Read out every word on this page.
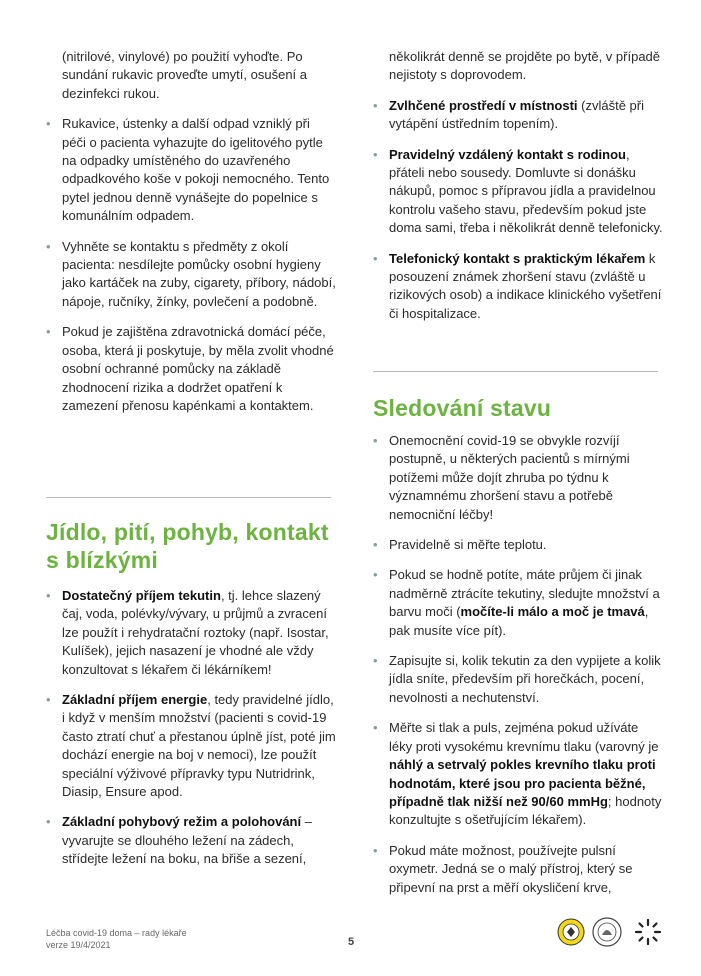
(nitrilové, vinylové) po použití vyhoďte. Po sundání rukavic proveďte umytí, osušení a dezinfekci rukou.
• Rukavice, ústenky a další odpad vzniklý při péči o pacienta vyhazujte do igelitového pytle na odpadky umístěného do uzavřeného odpadkového koše v pokoji nemocného. Tento pytel jednou denně vynášejte do popelnice s komunálním odpadem.
• Vyhněte se kontaktu s předměty z okolí pacienta: nesdílejte pomůcky osobní hygieny jako kartáček na zuby, cigarety, příbory, nádobí, nápoje, ručníky, žínky, povlečení a podobně.
• Pokud je zajištěna zdravotnická domácí péče, osoba, která ji poskytuje, by měla zvolit vhodné osobní ochranné pomůcky na základě zhodnocení rizika a dodržet opatření k zamezení přenosu kapénkami a kontaktem.
Jídlo, pití, pohyb, kontakt s blízkými
• Dostatečný příjem tekutin, tj. lehce slazený čaj, voda, polévky/vývary, u průjmů a zvracení lze použít i rehydratační roztoky (např. Isostar, Kulíšek), jejich nasazení je vhodné ale vždy konzultovat s lékařem či lékárníkem!
• Základní příjem energie, tedy pravidelné jídlo, i když v menším množství (pacienti s covid-19 často ztratí chuť a přestanou úplně jíst, poté jim dochází energie na boj v nemoci), lze použít speciální výživové přípravky typu Nutridrink, Diasip, Ensure apod.
• Základní pohybový režim a polohování – vyvarujte se dlouhého ležení na zádech, střídejte ležení na boku, na břiše a sezení,
několikrát denně se projděte po bytě, v případě nejistoty s doprovodem.
• Zvlhčené prostředí v místnosti (zvláště při vytápění ústředním topením).
• Pravidelný vzdálený kontakt s rodinou, přáteli nebo sousedy. Domluvte si donášku nákupů, pomoc s přípravou jídla a pravidelnou kontrolu vašeho stavu, především pokud jste doma sami, třeba i několikrát denně telefonicky.
• Telefonický kontakt s praktickým lékařem k posouzení známek zhoršení stavu (zvláště u rizikových osob) a indikace klinického vyšetření či hospitalizace.
Sledování stavu
• Onemocnění covid-19 se obvykle rozvíjí postupně, u některých pacientů s mírnými potížemi může dojít zhruba po týdnu k významnému zhoršení stavu a potřebě nemocniční léčby!
• Pravidelně si měřte teplotu.
• Pokud se hodně potíte, máte průjem či jinak nadměrně ztrácíte tekutiny, sledujte množství a barvu moči (močíte-li málo a moč je tmavá, pak musíte více pít).
• Zapisujte si, kolik tekutin za den vypijete a kolik jídla sníte, především při horečkách, pocení, nevolnosti a nechutenství.
• Měřte si tlak a puls, zejména pokud užíváte léky proti vysokému krevnímu tlaku (varovný je náhlý a setrvalý pokles krevního tlaku proti hodnotám, které jsou pro pacienta běžné, případně tlak nižší než 90/60 mmHg; hodnoty konzultujte s ošetřujícím lékařem).
• Pokud máte možnost, používejte pulsní oxymetr. Jedná se o malý přístroj, který se připevní na prst a měří okysličení krve,
Léčba covid-19 doma – rady lékaře
verze 19/4/2021	5
